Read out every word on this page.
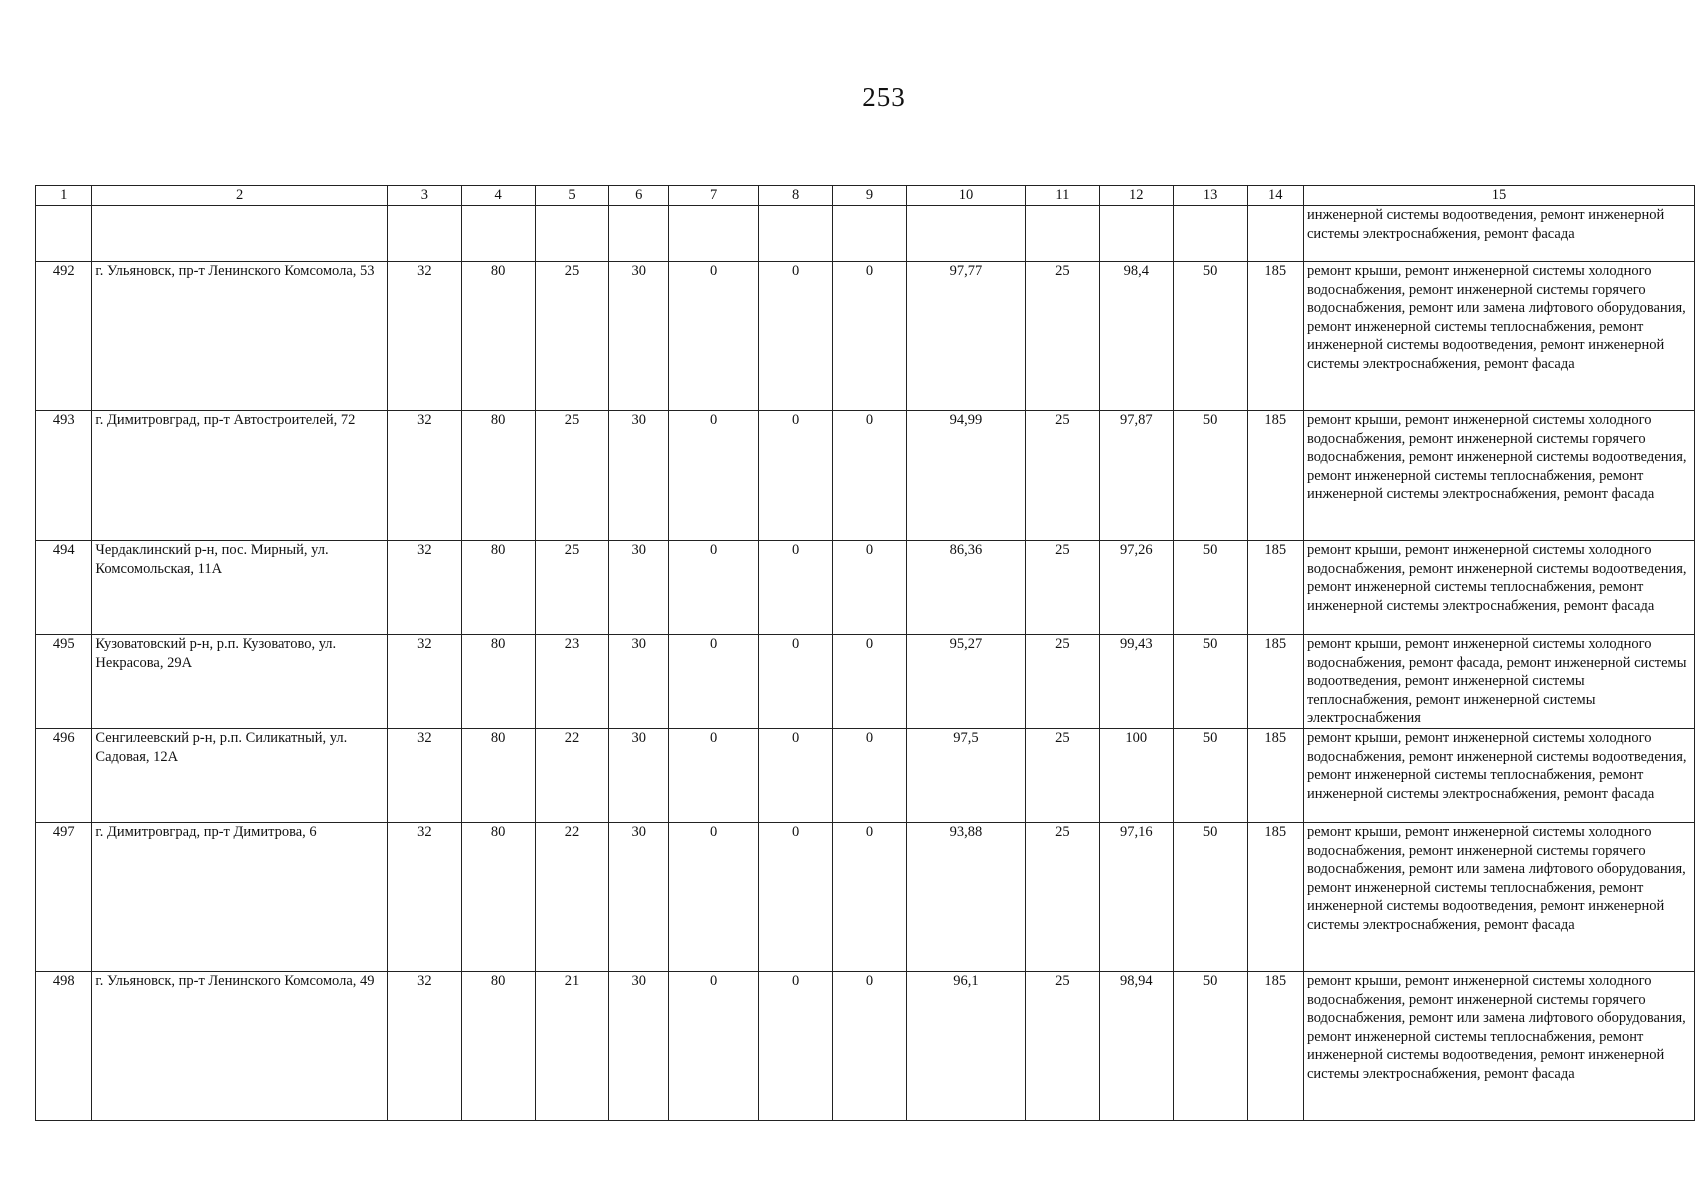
253
1	2	3	4	5	6	7	8	9	10	11	12	13	14	15
														инженерной системы водоотведения, ремонт инженерной системы электроснабжения, ремонт фасада
492	г. Ульяновск, пр-т Ленинского Комсомола, 53	32	80	25	30	0	0	0	97,77	25	98,4	50	185	ремонт крыши, ремонт инженерной системы холодного водоснабжения, ремонт инженерной системы горячего водоснабжения, ремонт или замена лифтового оборудования, ремонт инженерной системы теплоснабжения, ремонт инженерной системы водоотведения, ремонт инженерной системы электроснабжения, ремонт фасада
493	г. Димитровград, пр-т Автостроителей, 72	32	80	25	30	0	0	0	94,99	25	97,87	50	185	ремонт крыши, ремонт инженерной системы холодного водоснабжения, ремонт инженерной системы горячего водоснабжения, ремонт инженерной системы водоотведения, ремонт инженерной системы теплоснабжения, ремонт инженерной системы электроснабжения, ремонт фасада
494	Чердаклинский р-н, пос. Мирный, ул. Комсомольская, 11А	32	80	25	30	0	0	0	86,36	25	97,26	50	185	ремонт крыши, ремонт инженерной системы холодного водоснабжения, ремонт инженерной системы водоотведения, ремонт инженерной системы теплоснабжения, ремонт инженерной системы электроснабжения, ремонт фасада
495	Кузоватовский р-н, р.п. Кузоватово, ул. Некрасова, 29А	32	80	23	30	0	0	0	95,27	25	99,43	50	185	ремонт крыши, ремонт инженерной системы холодного водоснабжения, ремонт фасада, ремонт инженерной системы водоотведения, ремонт инженерной системы теплоснабжения, ремонт инженерной системы электроснабжения
496	Сенгилеевский р-н, р.п. Силикатный, ул. Садовая, 12А	32	80	22	30	0	0	0	97,5	25	100	50	185	ремонт крыши, ремонт инженерной системы холодного водоснабжения, ремонт инженерной системы водоотведения, ремонт инженерной системы теплоснабжения, ремонт инженерной системы электроснабжения, ремонт фасада
497	г. Димитровград, пр-т Димитрова, 6	32	80	22	30	0	0	0	93,88	25	97,16	50	185	ремонт крыши, ремонт инженерной системы холодного водоснабжения, ремонт инженерной системы горячего водоснабжения, ремонт или замена лифтового оборудования, ремонт инженерной системы теплоснабжения, ремонт инженерной системы водоотведения, ремонт инженерной системы электроснабжения, ремонт фасада
498	г. Ульяновск, пр-т Ленинского Комсомола, 49	32	80	21	30	0	0	0	96,1	25	98,94	50	185	ремонт крыши, ремонт инженерной системы холодного водоснабжения, ремонт инженерной системы горячего водоснабжения, ремонт или замена лифтового оборудования, ремонт инженерной системы теплоснабжения, ремонт инженерной системы водоотведения, ремонт инженерной системы электроснабжения, ремонт фасада
